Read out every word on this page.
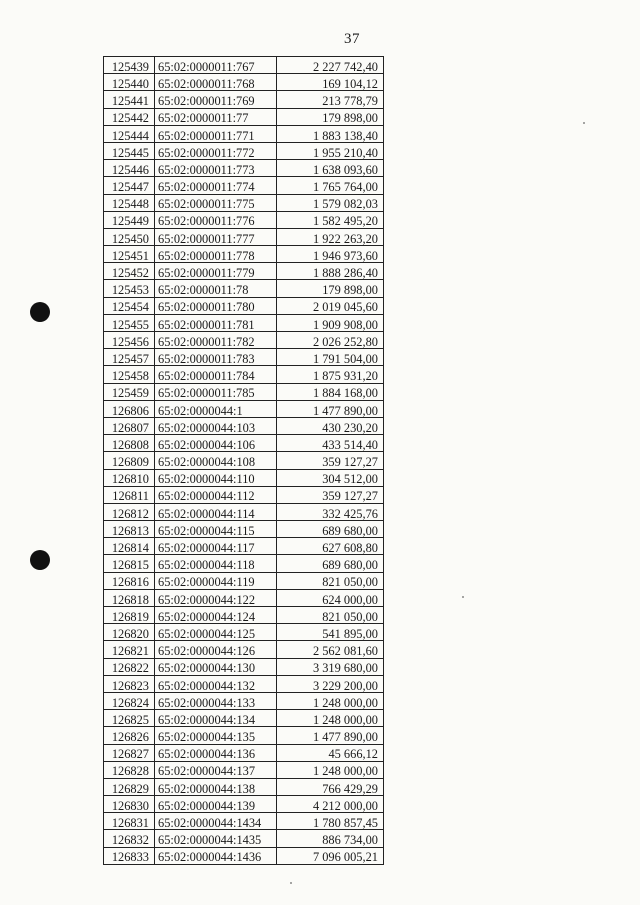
37
125439	65:02:0000011:767	2 227 742,40
125440	65:02:0000011:768	169 104,12
125441	65:02:0000011:769	213 778,79
125442	65:02:0000011:77	179 898,00
125444	65:02:0000011:771	1 883 138,40
125445	65:02:0000011:772	1 955 210,40
125446	65:02:0000011:773	1 638 093,60
125447	65:02:0000011:774	1 765 764,00
125448	65:02:0000011:775	1 579 082,03
125449	65:02:0000011:776	1 582 495,20
125450	65:02:0000011:777	1 922 263,20
125451	65:02:0000011:778	1 946 973,60
125452	65:02:0000011:779	1 888 286,40
125453	65:02:0000011:78	179 898,00
125454	65:02:0000011:780	2 019 045,60
125455	65:02:0000011:781	1 909 908,00
125456	65:02:0000011:782	2 026 252,80
125457	65:02:0000011:783	1 791 504,00
125458	65:02:0000011:784	1 875 931,20
125459	65:02:0000011:785	1 884 168,00
126806	65:02:0000044:1	1 477 890,00
126807	65:02:0000044:103	430 230,20
126808	65:02:0000044:106	433 514,40
126809	65:02:0000044:108	359 127,27
126810	65:02:0000044:110	304 512,00
126811	65:02:0000044:112	359 127,27
126812	65:02:0000044:114	332 425,76
126813	65:02:0000044:115	689 680,00
126814	65:02:0000044:117	627 608,80
126815	65:02:0000044:118	689 680,00
126816	65:02:0000044:119	821 050,00
126818	65:02:0000044:122	624 000,00
126819	65:02:0000044:124	821 050,00
126820	65:02:0000044:125	541 895,00
126821	65:02:0000044:126	2 562 081,60
126822	65:02:0000044:130	3 319 680,00
126823	65:02:0000044:132	3 229 200,00
126824	65:02:0000044:133	1 248 000,00
126825	65:02:0000044:134	1 248 000,00
126826	65:02:0000044:135	1 477 890,00
126827	65:02:0000044:136	45 666,12
126828	65:02:0000044:137	1 248 000,00
126829	65:02:0000044:138	766 429,29
126830	65:02:0000044:139	4 212 000,00
126831	65:02:0000044:1434	1 780 857,45
126832	65:02:0000044:1435	886 734,00
126833	65:02:0000044:1436	7 096 005,21
